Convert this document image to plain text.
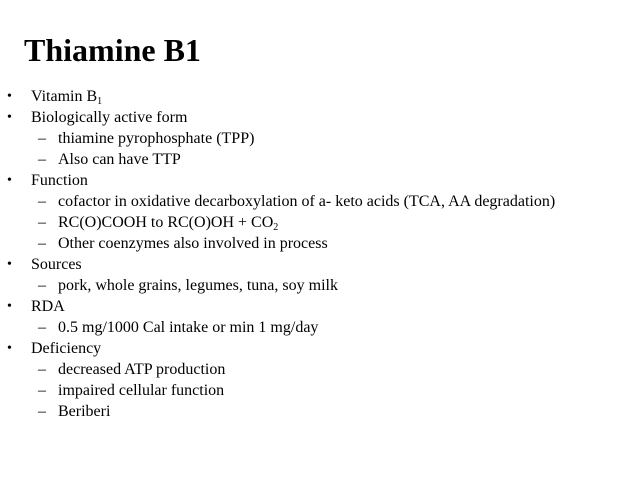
Thiamine B1
• Vitamin $B_1$
• Biologically active form
– thiamine pyrophosphate (TPP)
– Also can have TTP
• Function
– cofactor in oxidative decarboxylation of a- keto acids (TCA, AA degradation)
– RC(O)COOH to $RC(O)OH + CO_2$
– Other coenzymes also involved in process
• Sources
– pork, whole grains, legumes, tuna, soy milk
• RDA
– 0.5 mg/1000 Cal intake or min 1 mg/day
• Deficiency
– decreased ATP production
– impaired cellular function
– Beriberi
